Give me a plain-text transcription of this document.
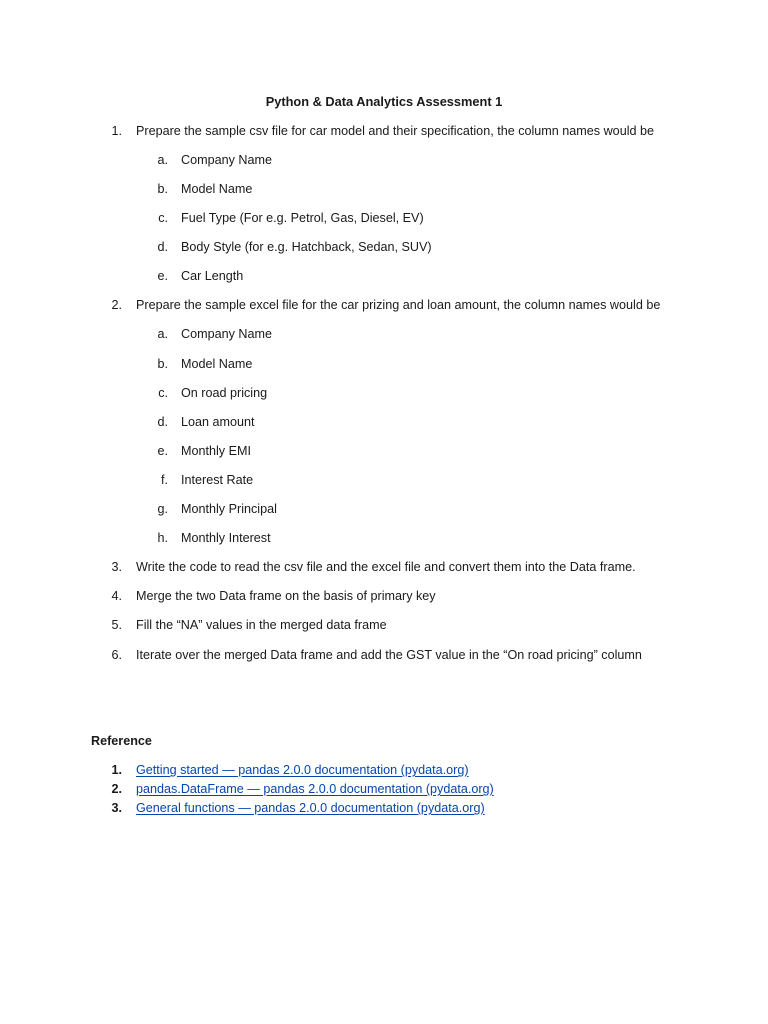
Python & Data Analytics Assessment 1
1. Prepare the sample csv file for car model and their specification, the column names would be
a. Company Name
b. Model Name
c. Fuel Type (For e.g. Petrol, Gas, Diesel, EV)
d. Body Style (for e.g. Hatchback, Sedan, SUV)
e. Car Length
2. Prepare the sample excel file for the car prizing and loan amount, the column names would be
a. Company Name
b. Model Name
c. On road pricing
d. Loan amount
e. Monthly EMI
f. Interest Rate
g. Monthly Principal
h. Monthly Interest
3. Write the code to read the csv file and the excel file and convert them into the Data frame.
4. Merge the two Data frame on the basis of primary key
5. Fill the “NA” values in the merged data frame
6. Iterate over the merged Data frame and add the GST value in the “On road pricing” column
Reference
1. Getting started — pandas 2.0.0 documentation (pydata.org)
2. pandas.DataFrame — pandas 2.0.0 documentation (pydata.org)
3. General functions — pandas 2.0.0 documentation (pydata.org)
